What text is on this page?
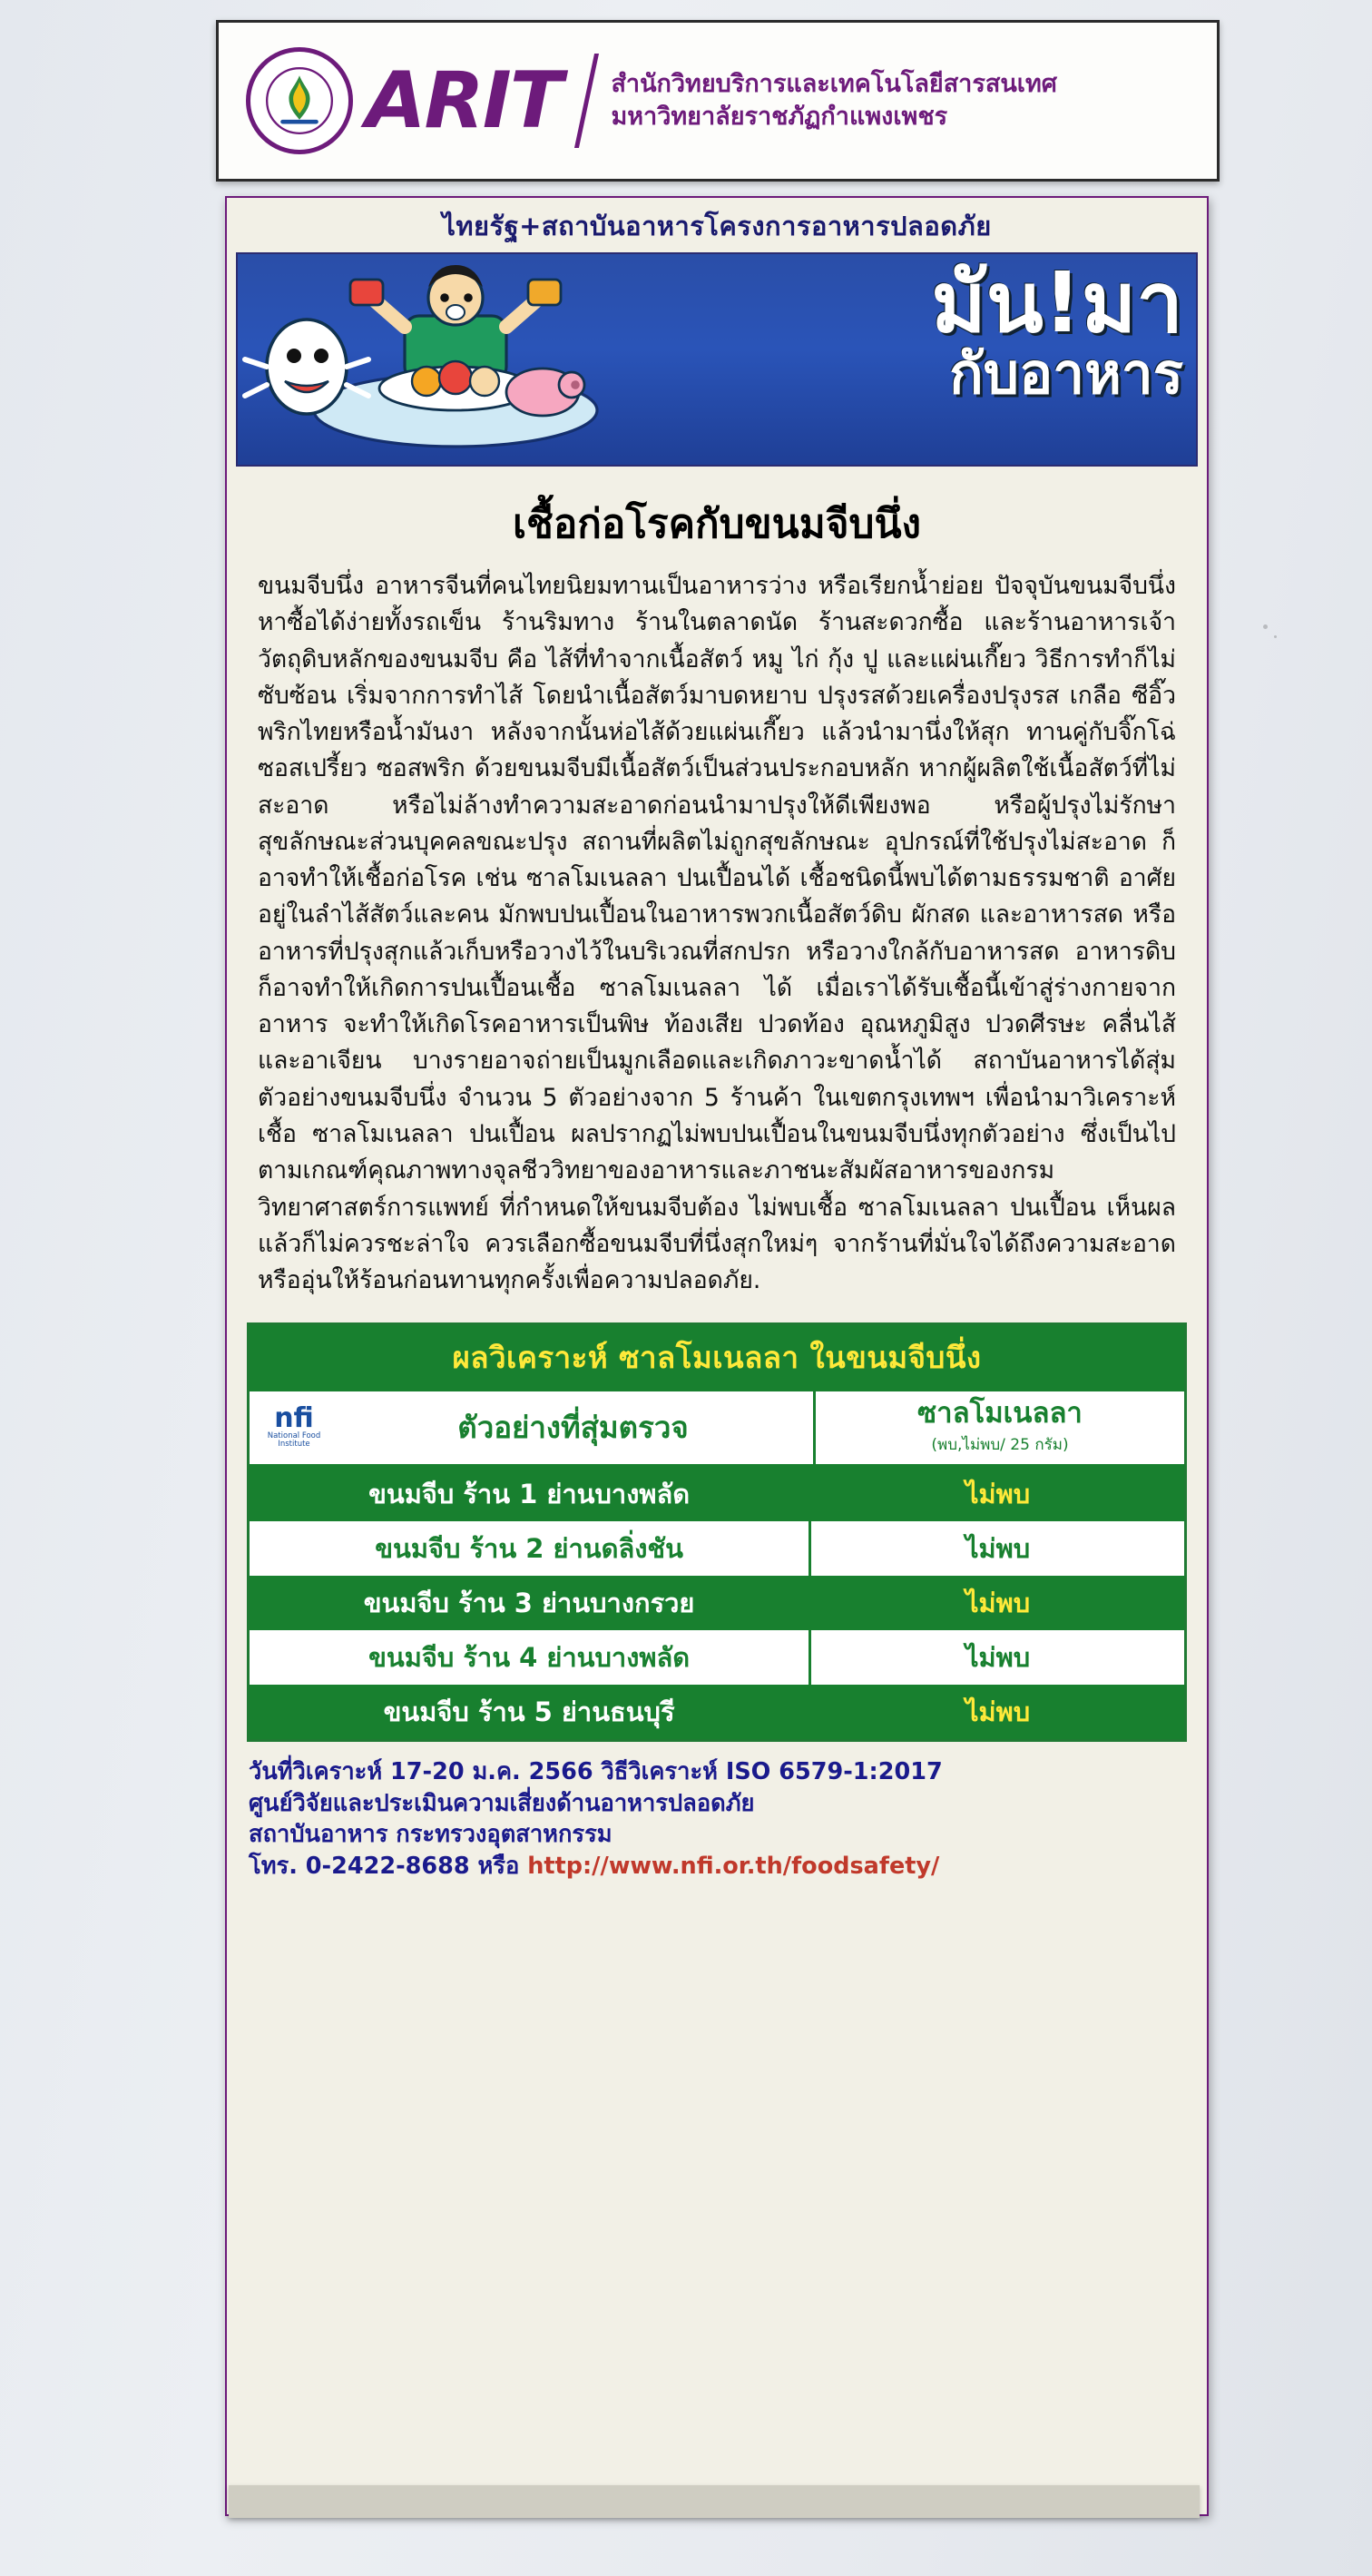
ARIT สำนักวิทยบริการและเทคโนโลยีสารสนเทศ
มหาวิทยาลัยราชภัฏกำแพงเพชร
ไทยรัฐ+สถาบันอาหารโครงการอาหารปลอดภัย
มัน!มา
กับอาหาร
เชื้อก่อโรคกับขนมจีบนึ่ง
ขนมจีบนึ่ง อาหารจีนที่คนไทยนิยมทานเป็นอาหารว่าง หรือเรียกน้ำย่อย ปัจจุบันขนมจีบนึ่งหาซื้อได้ง่ายทั้งรถเข็น ร้านริมทาง ร้านในตลาดนัด ร้านสะดวกซื้อ และร้านอาหารเจ้า วัตถุดิบหลักของขนมจีบ คือ ไส้ที่ทำจากเนื้อสัตว์ หมู ไก่ กุ้ง ปู และแผ่นเกี๊ยว วิธีการทำก็ไม่ซับซ้อน เริ่มจากการทำไส้ โดยนำเนื้อสัตว์มาบดหยาบ ปรุงรสด้วยเครื่องปรุงรส เกลือ ซีอิ๊ว พริกไทยหรือน้ำมันงา หลังจากนั้นห่อไส้ด้วยแผ่นเกี๊ยว แล้วนำมานึ่งให้สุก ทานคู่กับจิ๊กโฉ่ ซอสเปรี้ยว ซอสพริก ด้วยขนมจีบมีเนื้อสัตว์เป็นส่วนประกอบหลัก หากผู้ผลิตใช้เนื้อสัตว์ที่ไม่สะอาด หรือไม่ล้างทำความสะอาดก่อนนำมาปรุงให้ดีเพียงพอ หรือผู้ปรุงไม่รักษาสุขลักษณะส่วนบุคคลขณะปรุง สถานที่ผลิตไม่ถูกสุขลักษณะ อุปกรณ์ที่ใช้ปรุงไม่สะอาด ก็อาจทำให้เชื้อก่อโรค เช่น ซาลโมเนลลา ปนเปื้อนได้ เชื้อชนิดนี้พบได้ตามธรรมชาติ อาศัยอยู่ในลำไส้สัตว์และคน มักพบปนเปื้อนในอาหารพวกเนื้อสัตว์ดิบ ผักสด และอาหารสด หรืออาหารที่ปรุงสุกแล้วเก็บหรือวางไว้ในบริเวณที่สกปรก หรือวางใกล้กับอาหารสด อาหารดิบ ก็อาจทำให้เกิดการปนเปื้อนเชื้อ ซาลโมเนลลา ได้ เมื่อเราได้รับเชื้อนี้เข้าสู่ร่างกายจากอาหาร จะทำให้เกิดโรคอาหารเป็นพิษ ท้องเสีย ปวดท้อง อุณหภูมิสูง ปวดศีรษะ คลื่นไส้ และอาเจียน บางรายอาจถ่ายเป็นมูกเลือดและเกิดภาวะขาดน้ำได้ สถาบันอาหารได้สุ่มตัวอย่างขนมจีบนึ่ง จำนวน 5 ตัวอย่างจาก 5 ร้านค้า ในเขตกรุงเทพฯ เพื่อนำมาวิเคราะห์เชื้อ ซาลโมเนลลา ปนเปื้อน ผลปรากฏไม่พบปนเปื้อนในขนมจีบนึ่งทุกตัวอย่าง ซึ่งเป็นไปตามเกณฑ์คุณภาพทางจุลชีววิทยาของอาหารและภาชนะสัมผัสอาหารของกรมวิทยาศาสตร์การแพทย์ ที่กำหนดให้ขนมจีบต้อง ไม่พบเชื้อ ซาลโมเนลลา ปนเปื้อน เห็นผลแล้วก็ไม่ควรชะล่าใจ ควรเลือกซื้อขนมจีบที่นึ่งสุกใหม่ๆ จากร้านที่มั่นใจได้ถึงความสะอาด หรืออุ่นให้ร้อนก่อนทานทุกครั้งเพื่อความปลอดภัย.
ผลวิเคราะห์ ซาลโมเนลลา ในขนมจีบนึ่ง
nfi
National Food Institute	ตัวอย่างที่สุ่มตรวจ	ซาลโมเนลลา
(พบ,ไม่พบ/ 25 กรัม)
ขนมจีบ ร้าน 1 ย่านบางพลัด	ไม่พบ
ขนมจีบ ร้าน 2 ย่านดลิ่งชัน	ไม่พบ
ขนมจีบ ร้าน 3 ย่านบางกรวย	ไม่พบ
ขนมจีบ ร้าน 4 ย่านบางพลัด	ไม่พบ
ขนมจีบ ร้าน 5 ย่านธนบุรี	ไม่พบ
วันที่วิเคราะห์ 17-20 ม.ค. 2566 วิธีวิเคราะห์ ISO 6579-1:2017
ศูนย์วิจัยและประเมินความเสี่ยงด้านอาหารปลอดภัย
สถาบันอาหาร กระทรวงอุตสาหกรรม
โทร. 0-2422-8688 หรือ http://www.nfi.or.th/foodsafety/
